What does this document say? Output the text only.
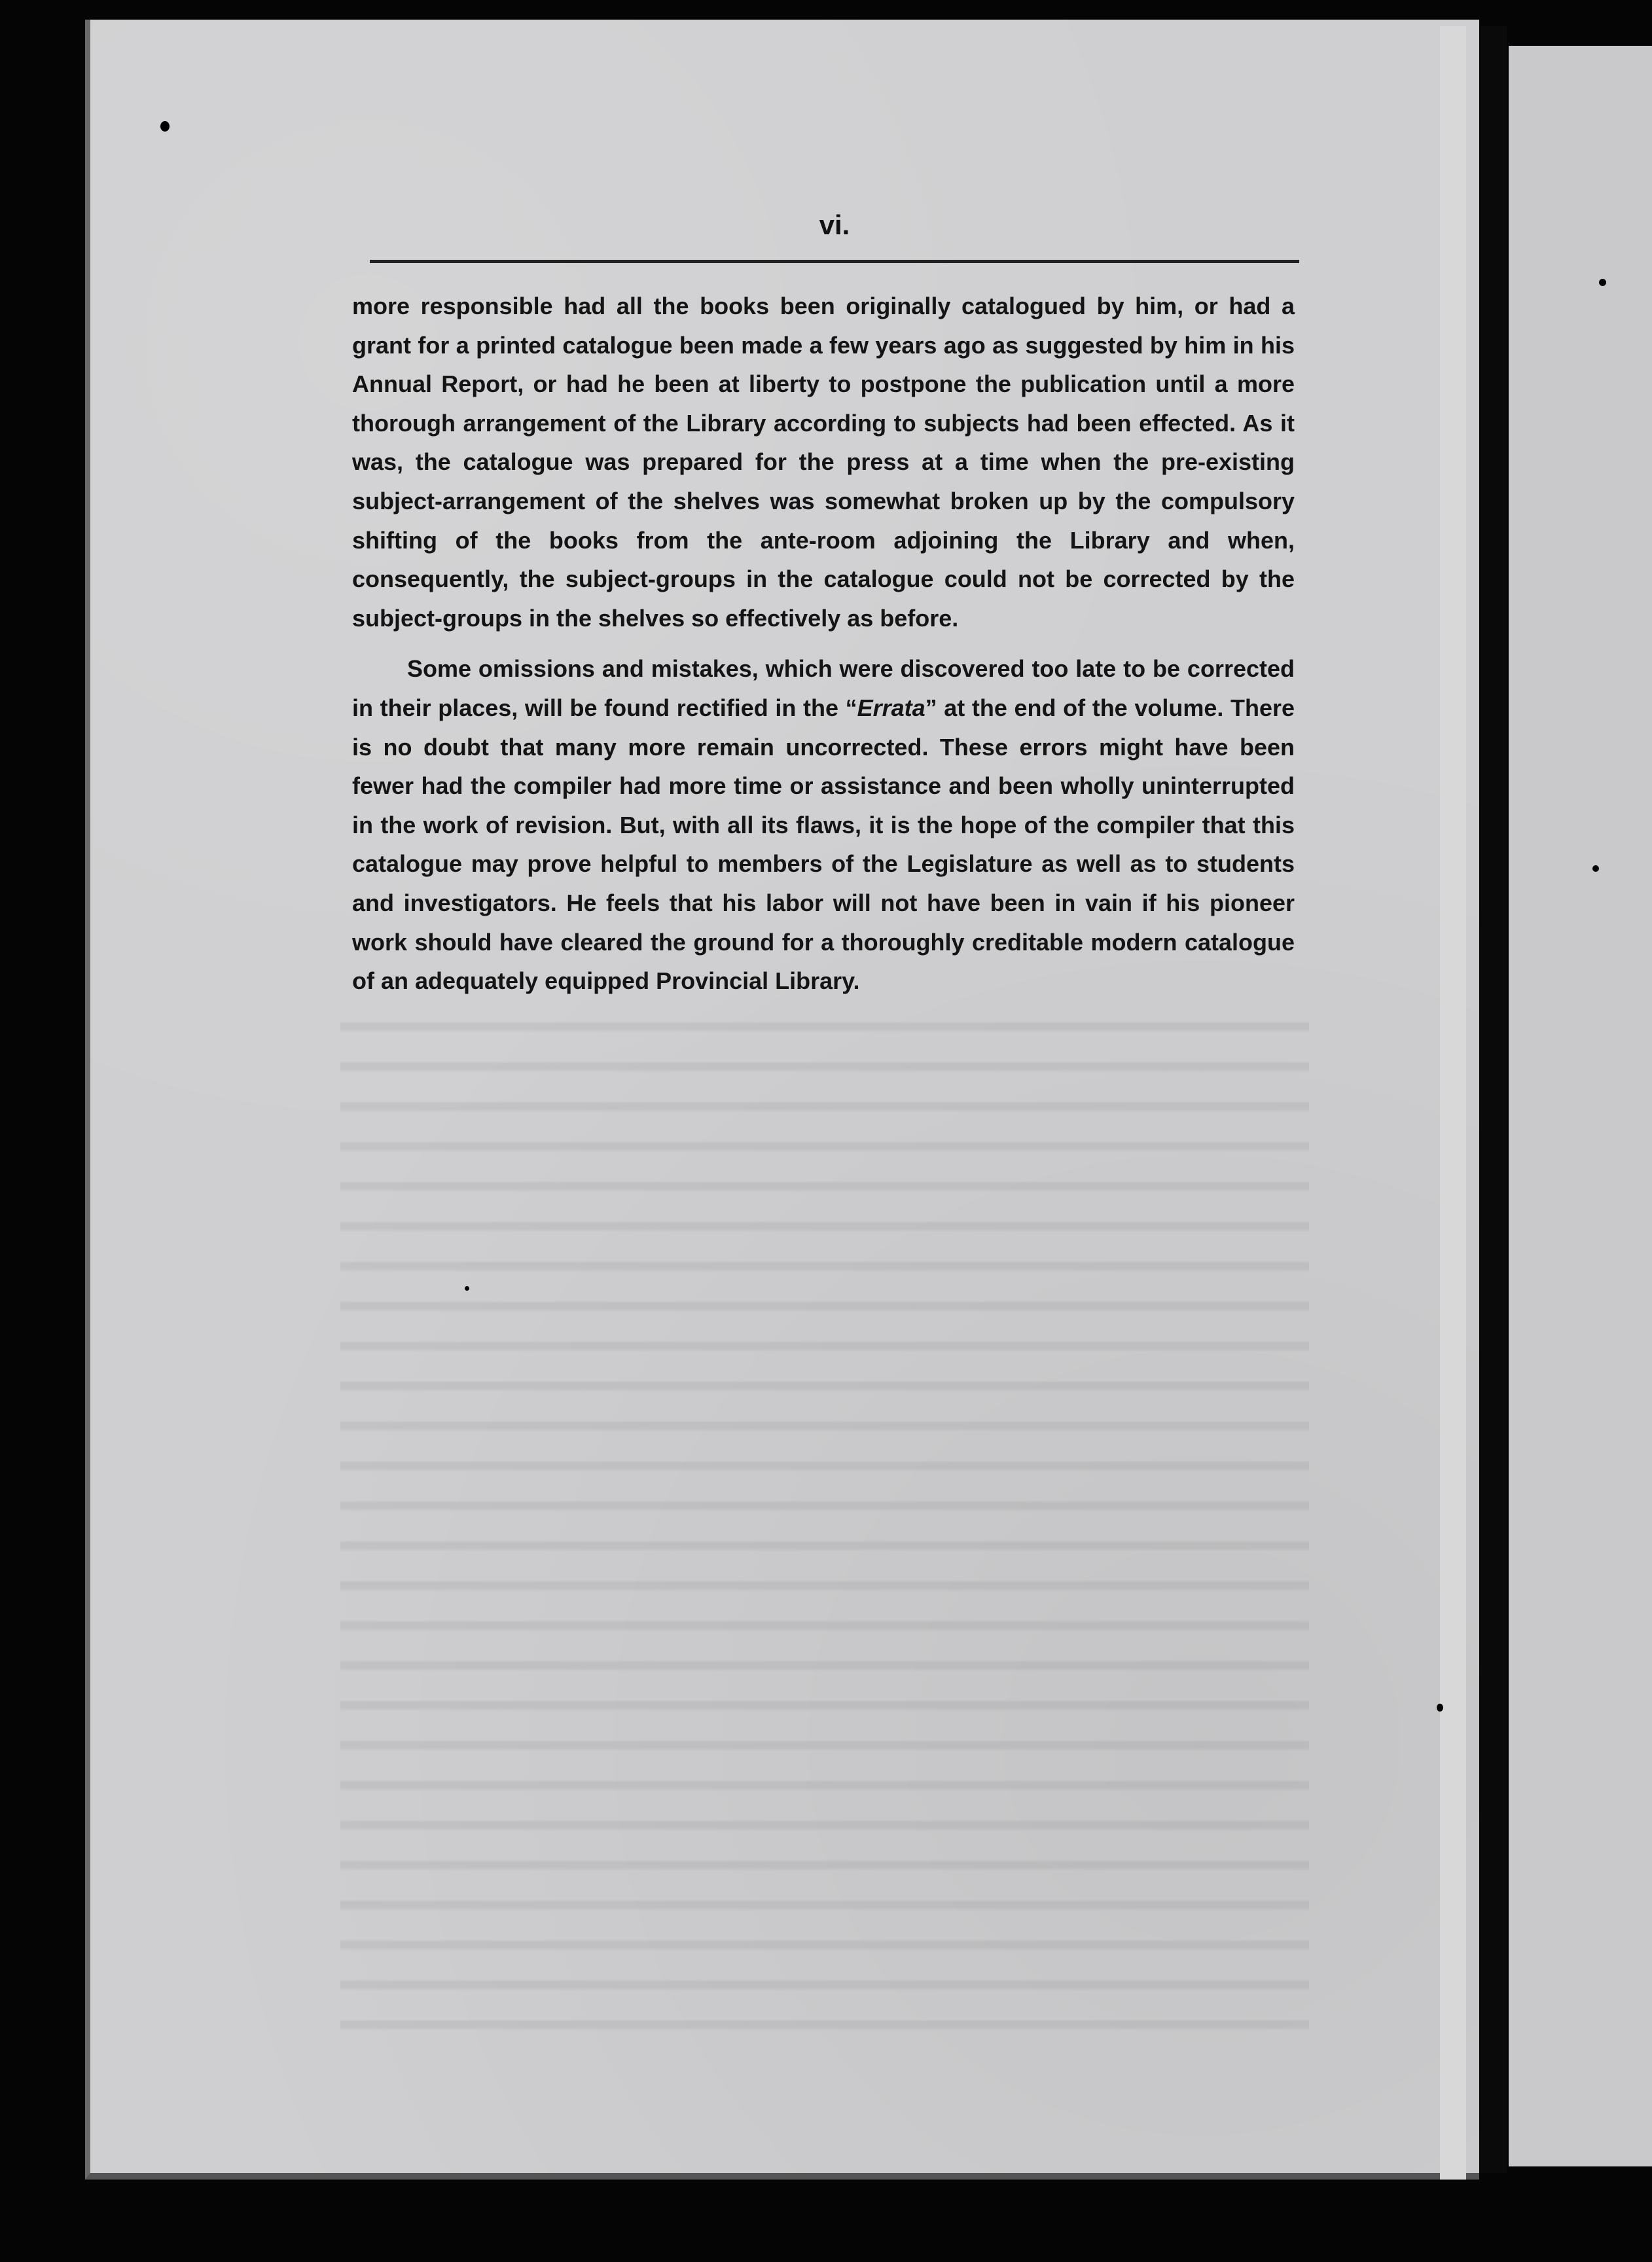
vi.

more responsible had all the books been originally catalogued by him, or had a grant for a printed catalogue been made a few years ago as suggested by him in his Annual Report, or had he been at liberty to postpone the publication until a more thorough arrangement of the Library according to subjects had been effected. As it was, the catalogue was prepared for the press at a time when the pre-existing subject-arrangement of the shelves was somewhat broken up by the compulsory shifting of the books from the ante-room adjoining the Library and when, consequently, the subject-groups in the catalogue could not be corrected by the subject-groups in the shelves so effectively as before.

Some omissions and mistakes, which were discovered too late to be corrected in their places, will be found rectified in the “Errata” at the end of the volume. There is no doubt that many more remain uncorrected. These errors might have been fewer had the compiler had more time or assistance and been wholly uninterrupted in the work of revision. But, with all its flaws, it is the hope of the compiler that this catalogue may prove helpful to members of the Legislature as well as to students and investigators. He feels that his labor will not have been in vain if his pioneer work should have cleared the ground for a thoroughly creditable modern catalogue of an adequately equipped Provincial Library.
